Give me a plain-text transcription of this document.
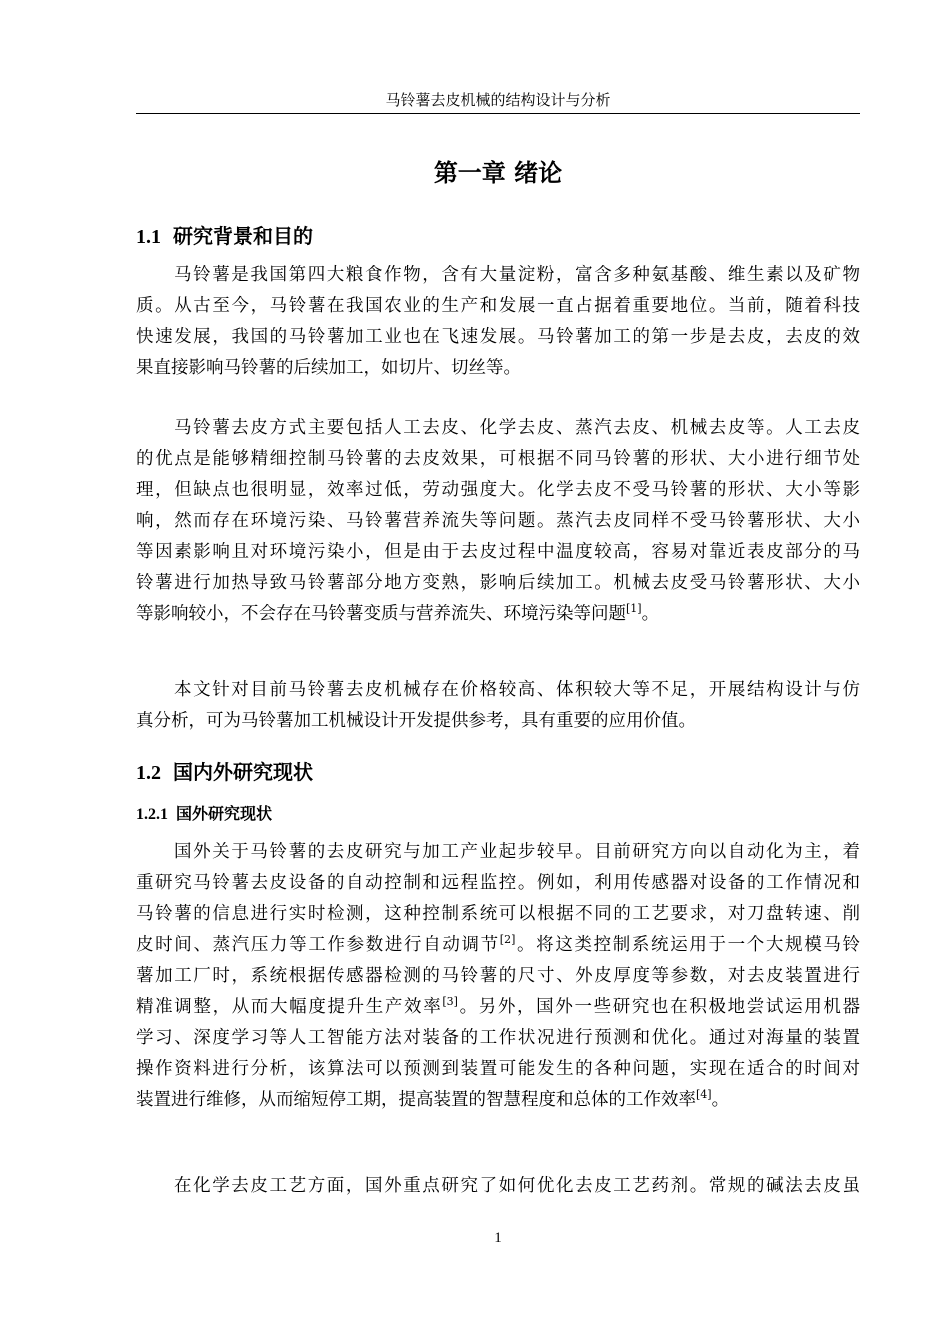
马铃薯去皮机械的结构设计与分析
第一章 绪论
1.1 研究背景和目的
马铃薯是我国第四大粮食作物，含有大量淀粉，富含多种氨基酸、维生素以及矿物
质。从古至今，马铃薯在我国农业的生产和发展一直占据着重要地位。当前，随着科技
快速发展，我国的马铃薯加工业也在飞速发展。马铃薯加工的第一步是去皮，去皮的效
果直接影响马铃薯的后续加工，如切片、切丝等。
马铃薯去皮方式主要包括人工去皮、化学去皮、蒸汽去皮、机械去皮等。人工去皮
的优点是能够精细控制马铃薯的去皮效果，可根据不同马铃薯的形状、大小进行细节处
理，但缺点也很明显，效率过低，劳动强度大。化学去皮不受马铃薯的形状、大小等影
响，然而存在环境污染、马铃薯营养流失等问题。蒸汽去皮同样不受马铃薯形状、大小
等因素影响且对环境污染小，但是由于去皮过程中温度较高，容易对靠近表皮部分的马
铃薯进行加热导致马铃薯部分地方变熟，影响后续加工。机械去皮受马铃薯形状、大小
等影响较小，不会存在马铃薯变质与营养流失、环境污染等问题[1]。
本文针对目前马铃薯去皮机械存在价格较高、体积较大等不足，开展结构设计与仿
真分析，可为马铃薯加工机械设计开发提供参考，具有重要的应用价值。
1.2 国内外研究现状
1.2.1 国外研究现状
国外关于马铃薯的去皮研究与加工产业起步较早。目前研究方向以自动化为主，着
重研究马铃薯去皮设备的自动控制和远程监控。例如，利用传感器对设备的工作情况和
马铃薯的信息进行实时检测，这种控制系统可以根据不同的工艺要求，对刀盘转速、削
皮时间、蒸汽压力等工作参数进行自动调节[2]。将这类控制系统运用于一个大规模马铃
薯加工厂时，系统根据传感器检测的马铃薯的尺寸、外皮厚度等参数，对去皮装置进行
精准调整，从而大幅度提升生产效率[3]。另外，国外一些研究也在积极地尝试运用机器
学习、深度学习等人工智能方法对装备的工作状况进行预测和优化。通过对海量的装置
操作资料进行分析，该算法可以预测到装置可能发生的各种问题，实现在适合的时间对
装置进行维修，从而缩短停工期，提高装置的智慧程度和总体的工作效率[4]。
在化学去皮工艺方面，国外重点研究了如何优化去皮工艺药剂。常规的碱法去皮虽
1
